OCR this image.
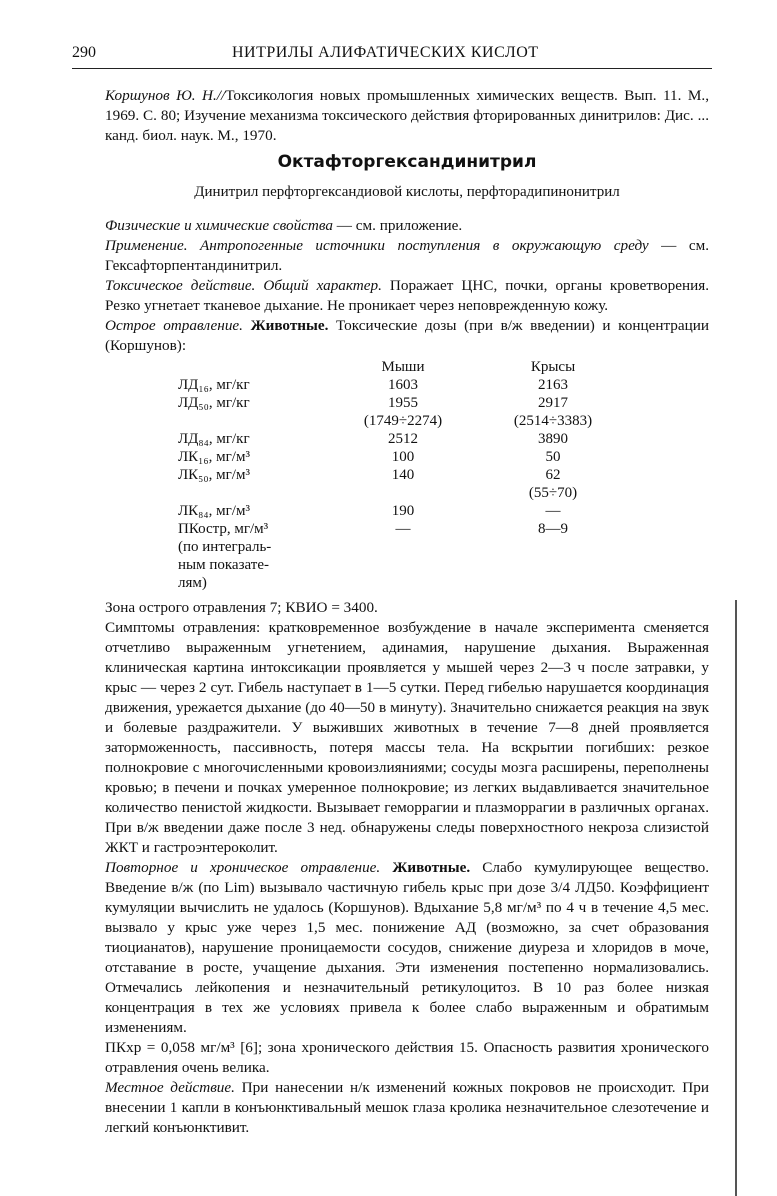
290	НИТРИЛЫ АЛИФАТИЧЕСКИХ КИСЛОТ

Коршунов Ю. Н.//Токсикология новых промышленных химических веществ. Вып. 11. М., 1969. С. 80; Изучение механизма токсического действия фторированных динитрилов: Дис. ... канд. биол. наук. М., 1970.

Октафторгександинитрил
Динитрил перфторгександиовой кислоты, перфторадипинонитрил

Физические и химические свойства — см. приложение.

Применение. Антропогенные источники поступления в окружающую среду — см. Гексафторпентандинитрил.

Токсическое действие. Общий характер. Поражает ЦНС, почки, органы кроветворения. Резко угнетает тканевое дыхание. Не проникает через неповрежденную кожу.

Острое отравление. Животные. Токсические дозы (при в/ж введении) и концентрации (Коршунов):

	Мыши	Крысы
ЛД₁₆, мг/кг	1603	2163
ЛД₅₀, мг/кг	1955	2917
	(1749÷2274)	(2514÷3383)
ЛД₈₄, мг/кг	2512	3890
ЛК₁₆, мг/м³	100	50
ЛК₅₀, мг/м³	140	62
		(55÷70)
ЛК₈₄, мг/м³	190	—
ПКостр, мг/м³	—	8—9
(по интеграль-		
ным показате-		
лям)		

Зона острого отравления 7; КВИО = 3400.

Симптомы отравления: кратковременное возбуждение в начале эксперимента сменяется отчетливо выраженным угнетением, адинамия, нарушение дыхания. Выраженная клиническая картина интоксикации проявляется у мышей через 2—3 ч после затравки, у крыс — через 2 сут. Гибель наступает в 1—5 сутки. Перед гибелью нарушается координация движения, урежается дыхание (до 40—50 в минуту). Значительно снижается реакция на звук и болевые раздражители. У выживших животных в течение 7—8 дней проявляется заторможенность, пассивность, потеря массы тела. На вскрытии погибших: резкое полнокровие с многочисленными кровоизлияниями; сосуды мозга расширены, переполнены кровью; в печени и почках умеренное полнокровие; из легких выдавливается значительное количество пенистой жидкости. Вызывает геморрагии и плазморрагии в различных органах. При в/ж введении даже после 3 нед. обнаружены следы поверхностного некроза слизистой ЖКТ и гастроэнтероколит.

Повторное и хроническое отравление. Животные. Слабо кумулирующее вещество. Введение в/ж (по Lim) вызывало частичную гибель крыс при дозе 3/4 ЛД50. Коэффициент кумуляции вычислить не удалось (Коршунов). Вдыхание 5,8 мг/м³ по 4 ч в течение 4,5 мес. вызвало у крыс уже через 1,5 мес. понижение АД (возможно, за счет образования тиоцианатов), нарушение проницаемости сосудов, снижение диуреза и хлоридов в моче, отставание в росте, учащение дыхания. Эти изменения постепенно нормализовались. Отмечались лейкопения и незначительный ретикулоцитоз. В 10 раз более низкая концентрация в тех же условиях привела к более слабо выраженным и обратимым изменениям.

ПКхр = 0,058 мг/м³ [6]; зона хронического действия 15. Опасность развития хронического отравления очень велика.

Местное действие. При нанесении н/к изменений кожных покровов не происходит. При внесении 1 капли в конъюнктивальный мешок глаза кролика незначительное слезотечение и легкий конъюнктивит.
